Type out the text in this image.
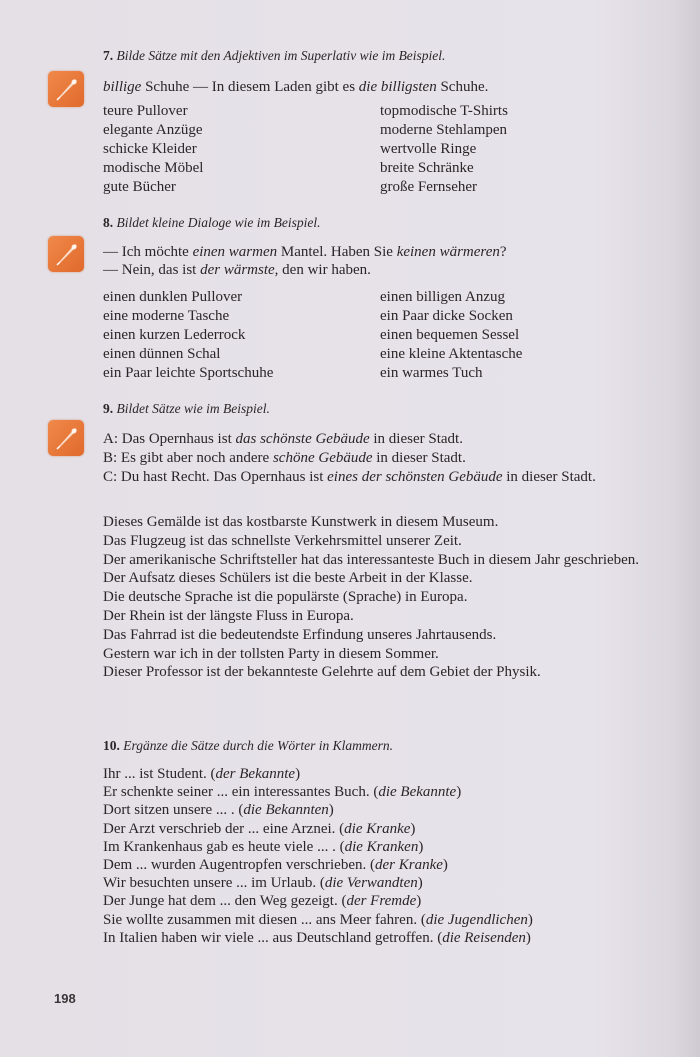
7. Bilde Sätze mit den Adjektiven im Superlativ wie im Beispiel.
billige Schuhe — In diesem Laden gibt es die billigsten Schuhe.
teure Pullover
elegante Anzüge
schicke Kleider
modische Möbel
gute Bücher
topmodische T-Shirts
moderne Stehlampen
wertvolle Ringe
breite Schränke
große Fernseher
8. Bildet kleine Dialoge wie im Beispiel.
— Ich möchte einen warmen Mantel. Haben Sie keinen wärmeren?
— Nein, das ist der wärmste, den wir haben.
einen dunklen Pullover
eine moderne Tasche
einen kurzen Lederrock
einen dünnen Schal
ein Paar leichte Sportschuhe
einen billigen Anzug
ein Paar dicke Socken
einen bequemen Sessel
eine kleine Aktentasche
ein warmes Tuch
9. Bildet Sätze wie im Beispiel.
A: Das Opernhaus ist das schönste Gebäude in dieser Stadt.
B: Es gibt aber noch andere schöne Gebäude in dieser Stadt.
C: Du hast Recht. Das Opernhaus ist eines der schönsten Gebäude in dieser Stadt.
Dieses Gemälde ist das kostbarste Kunstwerk in diesem Museum.
Das Flugzeug ist das schnellste Verkehrsmittel unserer Zeit.
Der amerikanische Schriftsteller hat das interessanteste Buch in diesem Jahr geschrieben.
Der Aufsatz dieses Schülers ist die beste Arbeit in der Klasse.
Die deutsche Sprache ist die populärste (Sprache) in Europa.
Der Rhein ist der längste Fluss in Europa.
Das Fahrrad ist die bedeutendste Erfindung unseres Jahrtausends.
Gestern war ich in der tollsten Party in diesem Sommer.
Dieser Professor ist der bekannteste Gelehrte auf dem Gebiet der Physik.
10. Ergänze die Sätze durch die Wörter in Klammern.
Ihr ... ist Student. (der Bekannte)
Er schenkte seiner ... ein interessantes Buch. (die Bekannte)
Dort sitzen unsere ... . (die Bekannten)
Der Arzt verschrieb der ... eine Arznei. (die Kranke)
Im Krankenhaus gab es heute viele ... . (die Kranken)
Dem ... wurden Augentropfen verschrieben. (der Kranke)
Wir besuchten unsere ... im Urlaub. (die Verwandten)
Der Junge hat dem ... den Weg gezeigt. (der Fremde)
Sie wollte zusammen mit diesen ... ans Meer fahren. (die Jugendlichen)
In Italien haben wir viele ... aus Deutschland getroffen. (die Reisenden)
198
